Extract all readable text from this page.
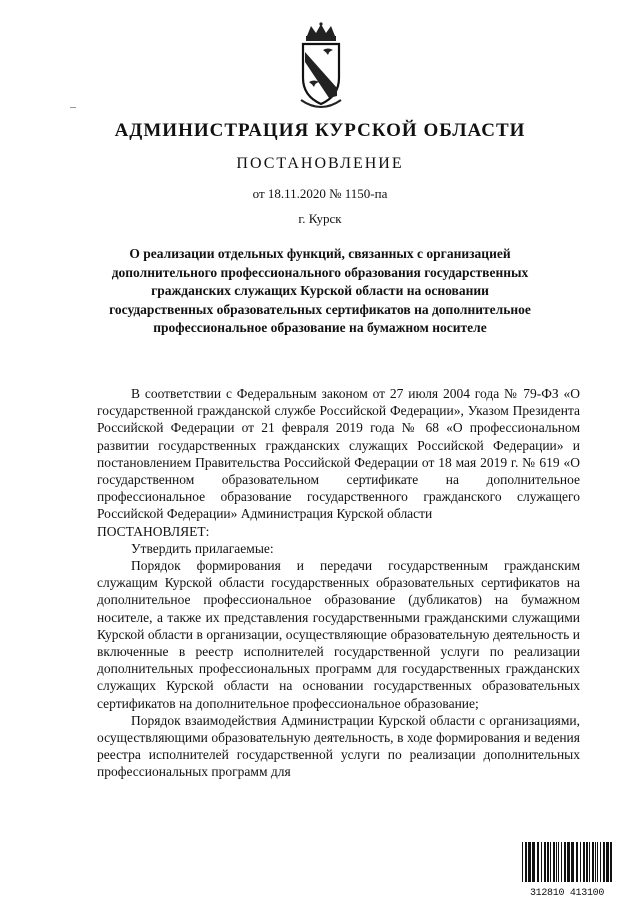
АДМИНИСТРАЦИЯ КУРСКОЙ ОБЛАСТИ
ПОСТАНОВЛЕНИЕ
от 18.11.2020 № 1150-па
г. Курск
О реализации отдельных функций, связанных с организацией дополнительного профессионального образования государственных гражданских служащих Курской области на основании государственных образовательных сертификатов на дополнительное профессиональное образование на бумажном носителе

В соответствии с Федеральным законом от 27 июля 2004 года № 79-ФЗ «О государственной гражданской службе Российской Федерации», Указом Президента Российской Федерации от 21 февраля 2019 года № 68 «О профессиональном развитии государственных гражданских служащих Российской Федерации» и постановлением Правительства Российской Федерации от 18 мая 2019 г. № 619 «О государственном образовательном сертификате на дополнительное профессиональное образование государственного гражданского служащего Российской Федерации» Администрация Курской области

ПОСТАНОВЛЯЕТ:

Утвердить прилагаемые:

Порядок формирования и передачи государственным гражданским служащим Курской области государственных образовательных сертификатов на дополнительное профессиональное образование (дубликатов) на бумажном носителе, а также их представления государственными гражданскими служащими Курской области в организации, осуществляющие образовательную деятельность и включенные в реестр исполнителей государственной услуги по реализации дополнительных профессиональных программ для государственных гражданских служащих Курской области на основании государственных образовательных сертификатов на дополнительное профессиональное образование;

Порядок взаимодействия Администрации Курской области с организациями, осуществляющими образовательную деятельность, в ходе формирования и ведения реестра исполнителей государственной услуги по реализации дополнительных профессиональных программ для

312810 413100
